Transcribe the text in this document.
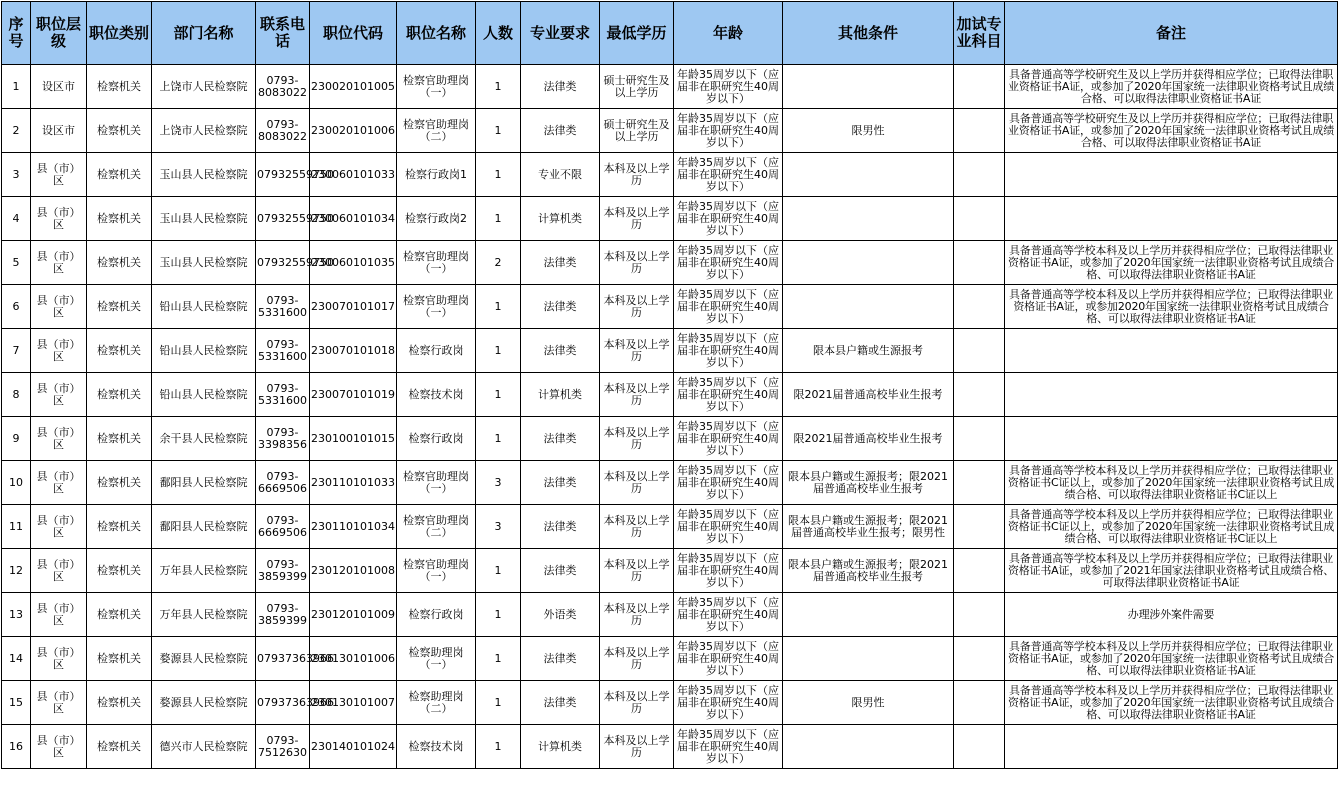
序号	职位层级	职位类别	部门名称	联系电话	职位代码	职位名称	人数	专业要求	最低学历	年龄	其他条件	加试专业科目	备注
1	设区市	检察机关	上饶市人民检察院	0793-8083022	230020101005	检察官助理岗（一）	1	法律类	硕士研究生及以上学历	年龄35周岁以下（应届非在职研究生40周岁以下）			具备普通高等学校研究生及以上学历并获得相应学位；已取得法律职业资格证书A证，或参加了2020年国家统一法律职业资格考试且成绩合格、可以取得法律职业资格证书A证
2	设区市	检察机关	上饶市人民检察院	0793-8083022	230020101006	检察官助理岗（二）	1	法律类	硕士研究生及以上学历	年龄35周岁以下（应届非在职研究生40周岁以下）	限男性		具备普通高等学校研究生及以上学历并获得相应学位；已取得法律职业资格证书A证，或参加了2020年国家统一法律职业资格考试且成绩合格、可以取得法律职业资格证书A证
3	县（市）区	检察机关	玉山县人民检察院	07932559750	230060101033	检察行政岗1	1	专业不限	本科及以上学历	年龄35周岁以下（应届非在职研究生40周岁以下）			
4	县（市）区	检察机关	玉山县人民检察院	07932559750	230060101034	检察行政岗2	1	计算机类	本科及以上学历	年龄35周岁以下（应届非在职研究生40周岁以下）			
5	县（市）区	检察机关	玉山县人民检察院	07932559750	230060101035	检察官助理岗（一）	2	法律类	本科及以上学历	年龄35周岁以下（应届非在职研究生40周岁以下）			具备普通高等学校本科及以上学历并获得相应学位；已取得法律职业资格证书A证，或参加了2020年国家统一法律职业资格考试且成绩合格、可以取得法律职业资格证书A证
6	县（市）区	检察机关	铅山县人民检察院	0793-5331600	230070101017	检察官助理岗（一）	1	法律类	本科及以上学历	年龄35周岁以下（应届非在职研究生40周岁以下）			具备普通高等学校本科及以上学历并获得相应学位；已取得法律职业资格证书A证，或参加2020年国家统一法律职业资格考试且成绩合格、可以取得法律职业资格证书A证
7	县（市）区	检察机关	铅山县人民检察院	0793-5331600	230070101018	检察行政岗	1	法律类	本科及以上学历	年龄35周岁以下（应届非在职研究生40周岁以下）	限本县户籍或生源报考		
8	县（市）区	检察机关	铅山县人民检察院	0793-5331600	230070101019	检察技术岗	1	计算机类	本科及以上学历	年龄35周岁以下（应届非在职研究生40周岁以下）	限2021届普通高校毕业生报考		
9	县（市）区	检察机关	余干县人民检察院	0793-3398356	230100101015	检察行政岗	1	法律类	本科及以上学历	年龄35周岁以下（应届非在职研究生40周岁以下）	限2021届普通高校毕业生报考		
10	县（市）区	检察机关	鄱阳县人民检察院	0793-6669506	230110101033	检察官助理岗（一）	3	法律类	本科及以上学历	年龄35周岁以下（应届非在职研究生40周岁以下）	限本县户籍或生源报考；限2021届普通高校毕业生报考		具备普通高等学校本科及以上学历并获得相应学位；已取得法律职业资格证书C证以上，或参加了2020年国家统一法律职业资格考试且成绩合格、可以取得法律职业资格证书C证以上
11	县（市）区	检察机关	鄱阳县人民检察院	0793-6669506	230110101034	检察官助理岗（二）	3	法律类	本科及以上学历	年龄35周岁以下（应届非在职研究生40周岁以下）	限本县户籍或生源报考；限2021届普通高校毕业生报考；限男性		具备普通高等学校本科及以上学历并获得相应学位；已取得法律职业资格证书C证以上，或参加了2020年国家统一法律职业资格考试且成绩合格、可以取得法律职业资格证书C证以上
12	县（市）区	检察机关	万年县人民检察院	0793-3859399	230120101008	检察官助理岗（一）	1	法律类	本科及以上学历	年龄35周岁以下（应届非在职研究生40周岁以下）	限本县户籍或生源报考；限2021届普通高校毕业生报考		具备普通高等学校本科及以上学历并获得相应学位；已取得法律职业资格证书A证，或参加了2021年国家法律职业资格考试且成绩合格、可取得法律职业资格证书A证
13	县（市）区	检察机关	万年县人民检察院	0793-3859399	230120101009	检察行政岗	1	外语类	本科及以上学历	年龄35周岁以下（应届非在职研究生40周岁以下）			办理涉外案件需要
14	县（市）区	检察机关	婺源县人民检察院	07937363966	230130101006	检察助理岗（一）	1	法律类	本科及以上学历	年龄35周岁以下（应届非在职研究生40周岁以下）			具备普通高等学校本科及以上学历并获得相应学位；已取得法律职业资格证书A证，或参加了2020年国家统一法律职业资格考试且成绩合格、可以取得法律职业资格证书A证
15	县（市）区	检察机关	婺源县人民检察院	07937363966	230130101007	检察助理岗（二）	1	法律类	本科及以上学历	年龄35周岁以下（应届非在职研究生40周岁以下）	限男性		具备普通高等学校本科及以上学历并获得相应学位；已取得法律职业资格证书A证，或参加了2020年国家统一法律职业资格考试且成绩合格、可以取得法律职业资格证书A证
16	县（市）区	检察机关	德兴市人民检察院	0793-7512630	230140101024	检察技术岗	1	计算机类	本科及以上学历	年龄35周岁以下（应届非在职研究生40周岁以下）			
